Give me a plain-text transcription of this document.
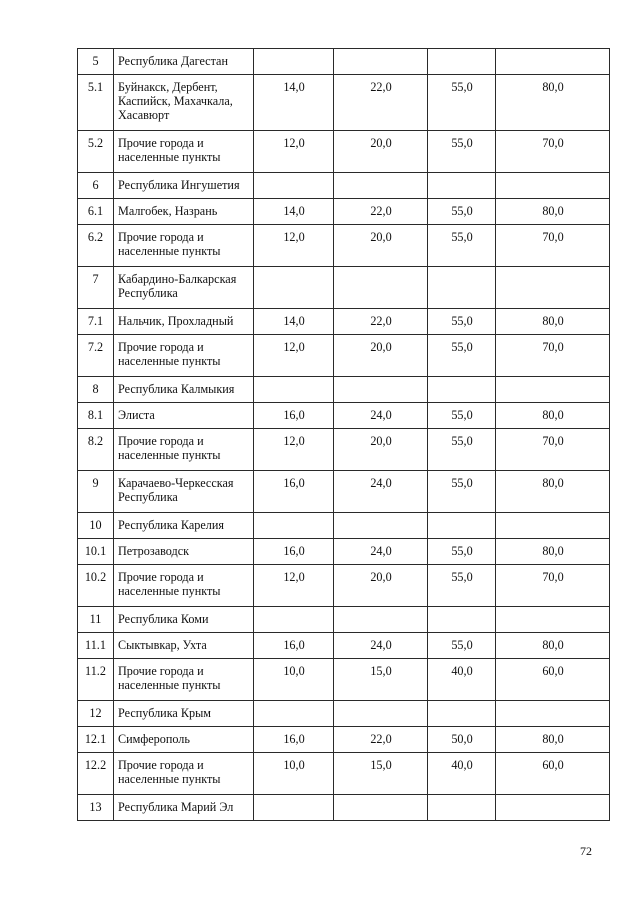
5	Республика Дагестан				
5.1	Буйнакск, Дербент, Каспийск, Махачкала, Хасавюрт	14,0	22,0	55,0	80,0
5.2	Прочие города и населенные пункты	12,0	20,0	55,0	70,0
6	Республика Ингушетия				
6.1	Малгобек, Назрань	14,0	22,0	55,0	80,0
6.2	Прочие города и населенные пункты	12,0	20,0	55,0	70,0
7	Кабардино-Балкарская Республика				
7.1	Нальчик, Прохладный	14,0	22,0	55,0	80,0
7.2	Прочие города и населенные пункты	12,0	20,0	55,0	70,0
8	Республика Калмыкия				
8.1	Элиста	16,0	24,0	55,0	80,0
8.2	Прочие города и населенные пункты	12,0	20,0	55,0	70,0
9	Карачаево-Черкесская Республика	16,0	24,0	55,0	80,0
10	Республика Карелия				
10.1	Петрозаводск	16,0	24,0	55,0	80,0
10.2	Прочие города и населенные пункты	12,0	20,0	55,0	70,0
11	Республика Коми				
11.1	Сыктывкар, Ухта	16,0	24,0	55,0	80,0
11.2	Прочие города и населенные пункты	10,0	15,0	40,0	60,0
12	Республика Крым				
12.1	Симферополь	16,0	22,0	50,0	80,0
12.2	Прочие города и населенные пункты	10,0	15,0	40,0	60,0
13	Республика Марий Эл				
72
